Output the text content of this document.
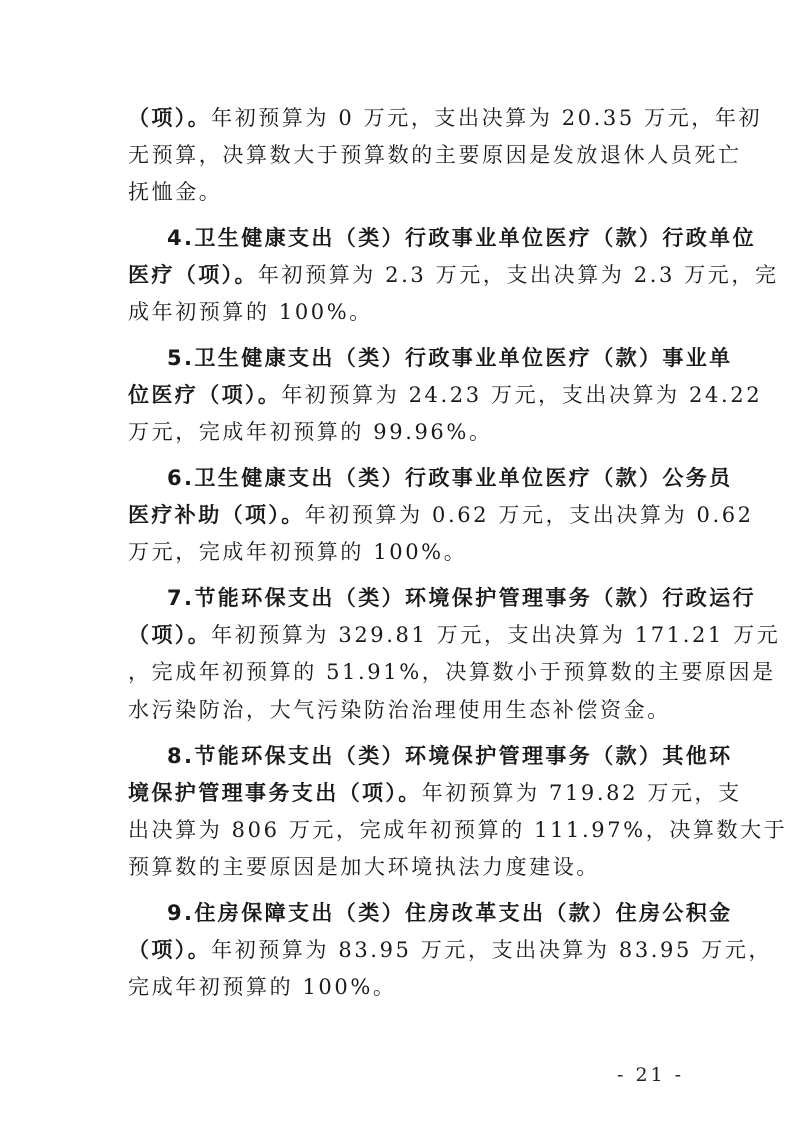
（项）。年初预算为 0 万元，支出决算为 20.35 万元，年初
无预算，决算数大于预算数的主要原因是发放退休人员死亡
抚恤金。
4.卫生健康支出（类）行政事业单位医疗（款）行政单位
医疗（项）。年初预算为 2.3 万元，支出决算为 2.3 万元，完
成年初预算的 100%。
5.卫生健康支出（类）行政事业单位医疗（款）事业单
位医疗（项）。年初预算为 24.23 万元，支出决算为 24.22
万元，完成年初预算的 99.96%。
6.卫生健康支出（类）行政事业单位医疗（款）公务员
医疗补助（项）。年初预算为 0.62 万元，支出决算为 0.62
万元，完成年初预算的 100%。
7.节能环保支出（类）环境保护管理事务（款）行政运行
（项）。年初预算为 329.81 万元，支出决算为 171.21 万元
，完成年初预算的 51.91%，决算数小于预算数的主要原因是
水污染防治，大气污染防治治理使用生态补偿资金。
8.节能环保支出（类）环境保护管理事务（款）其他环
境保护管理事务支出（项）。年初预算为 719.82 万元，支
出决算为 806 万元，完成年初预算的 111.97%，决算数大于
预算数的主要原因是加大环境执法力度建设。
9.住房保障支出（类）住房改革支出（款）住房公积金
（项）。年初预算为 83.95 万元，支出决算为 83.95 万元，
完成年初预算的 100%。
- 21 -
